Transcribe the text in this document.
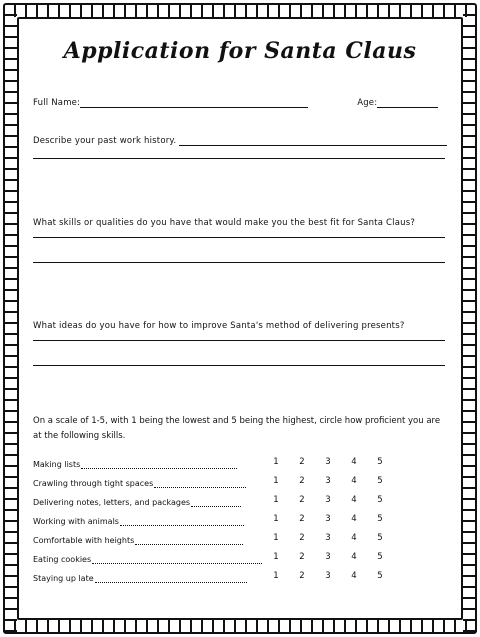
Application for Santa Claus
Full Name:	Age:
Describe your past work history.
What skills or qualities do you have that would make you the best fit for Santa Claus?
What ideas do you have for how to improve Santa's method of delivering presents?
On a scale of 1-5, with 1 being the lowest and 5 being the highest, circle how proficient you are at the following skills.
Making lists	1 2 3 4 5
Crawling through tight spaces	1 2 3 4 5
Delivering notes, letters, and packages	1 2 3 4 5
Working with animals	1 2 3 4 5
Comfortable with heights	1 2 3 4 5
Eating cookies	1 2 3 4 5
Staying up late	1 2 3 4 5
